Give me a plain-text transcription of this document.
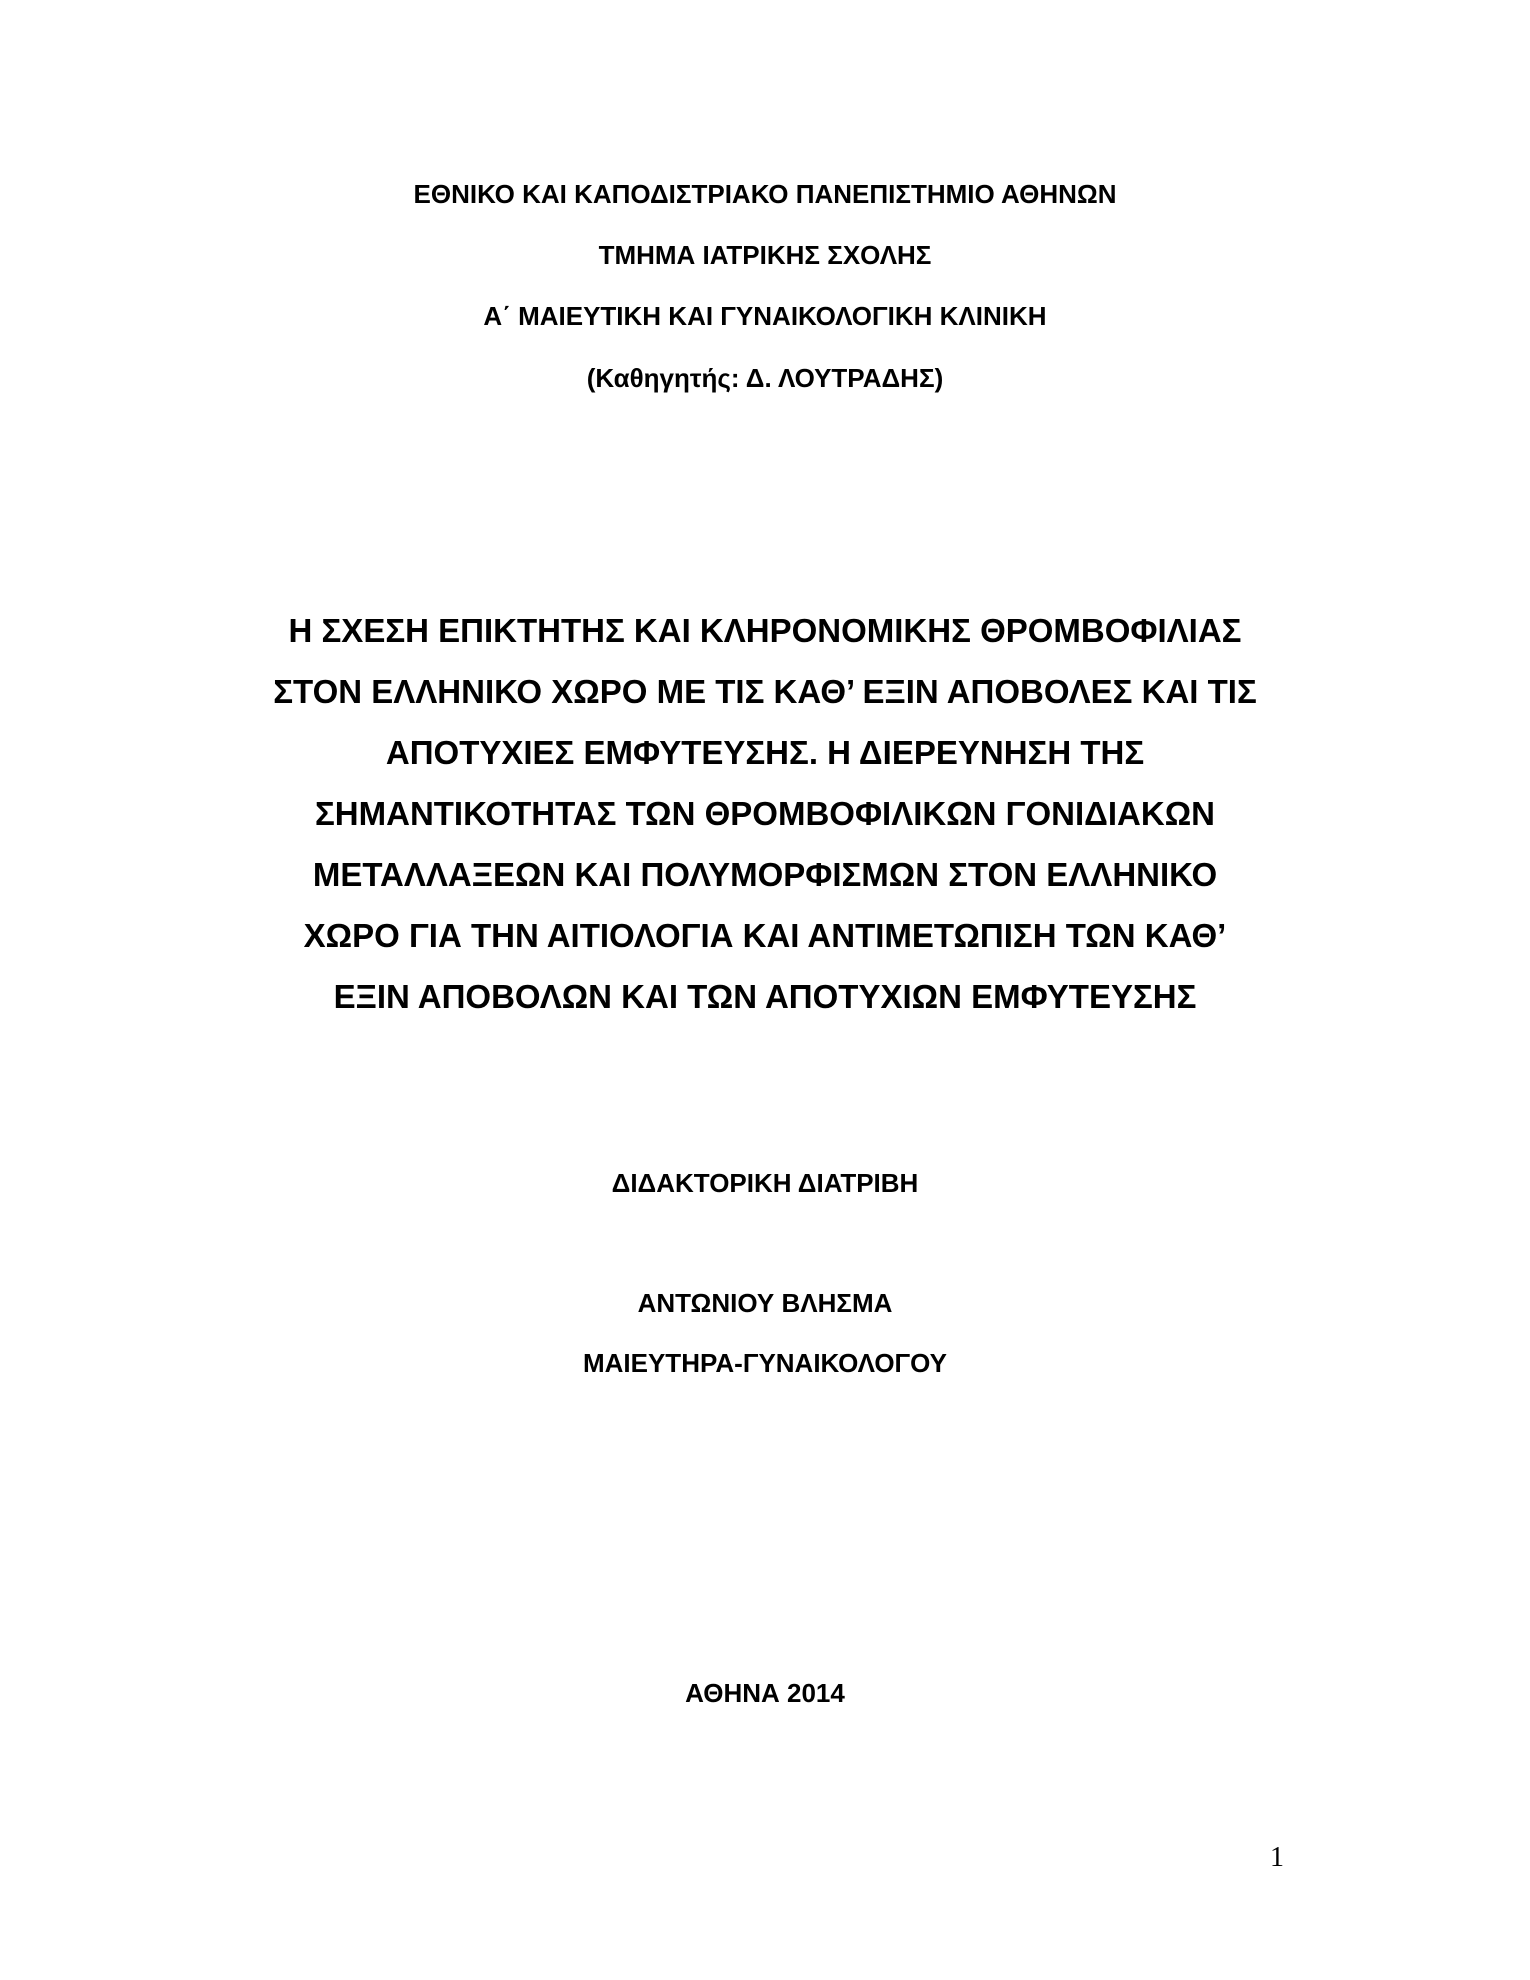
ΕΘΝΙΚΟ ΚΑΙ ΚΑΠΟΔΙΣΤΡΙΑΚΟ ΠΑΝΕΠΙΣΤΗΜΙΟ ΑΘΗΝΩΝ
ΤΜΗΜΑ ΙΑΤΡΙΚΗΣ ΣΧΟΛΗΣ
Α΄ ΜΑΙΕΥΤΙΚΗ ΚΑΙ ΓΥΝΑΙΚΟΛΟΓΙΚΗ ΚΛΙΝΙΚΗ
(Καθηγητής: Δ. ΛΟΥΤΡΑΔΗΣ)
Η ΣΧΕΣΗ ΕΠΙΚΤΗΤΗΣ ΚΑΙ ΚΛΗΡΟΝΟΜΙΚΗΣ ΘΡΟΜΒΟΦΙΛΙΑΣ
ΣΤΟΝ ΕΛΛΗΝΙΚΟ ΧΩΡΟ ΜΕ ΤΙΣ ΚΑΘ’ ΕΞΙΝ ΑΠΟΒΟΛΕΣ ΚΑΙ ΤΙΣ
ΑΠΟΤΥΧΙΕΣ ΕΜΦΥΤΕΥΣΗΣ. Η ΔΙΕΡΕΥΝΗΣΗ ΤΗΣ
ΣΗΜΑΝΤΙΚΟΤΗΤΑΣ ΤΩΝ ΘΡΟΜΒΟΦΙΛΙΚΩΝ ΓΟΝΙΔΙΑΚΩΝ
ΜΕΤΑΛΛΑΞΕΩΝ ΚΑΙ ΠΟΛΥΜΟΡΦΙΣΜΩΝ ΣΤΟΝ ΕΛΛΗΝΙΚΟ
ΧΩΡΟ ΓΙΑ ΤΗΝ ΑΙΤΙΟΛΟΓΙΑ ΚΑΙ ΑΝΤΙΜΕΤΩΠΙΣΗ ΤΩΝ ΚΑΘ’
ΕΞΙΝ ΑΠΟΒΟΛΩΝ ΚΑΙ ΤΩΝ ΑΠΟΤΥΧΙΩΝ ΕΜΦΥΤΕΥΣΗΣ
ΔΙΔΑΚΤΟΡΙΚΗ ΔΙΑΤΡΙΒΗ
ΑΝΤΩΝΙΟΥ ΒΛΗΣΜΑ
ΜΑΙΕΥΤΗΡΑ-ΓΥΝΑΙΚΟΛΟΓΟΥ
ΑΘΗΝΑ 2014
1
